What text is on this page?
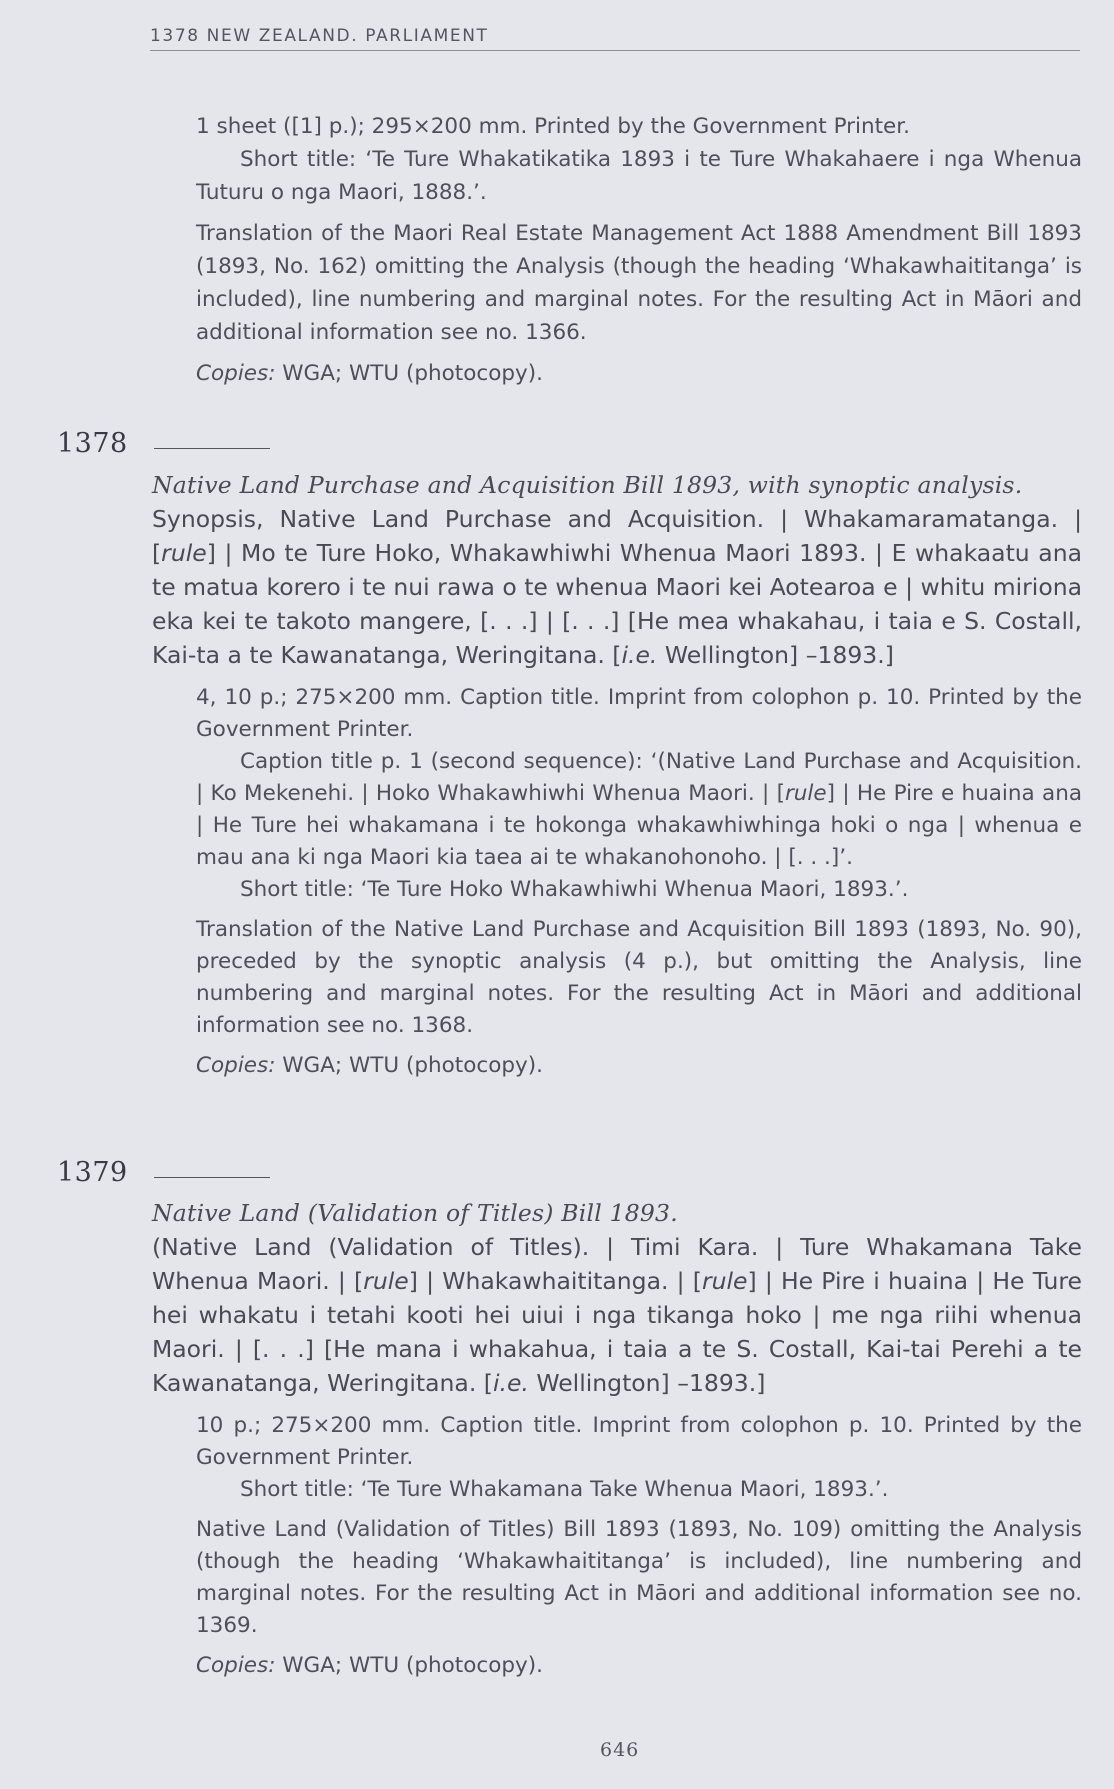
1378 NEW ZEALAND. PARLIAMENT

1 sheet ([1] p.); 295×200 mm. Printed by the Government Printer.

Short title: ‘Te Ture Whakatikatika 1893 i te Ture Whakahaere i nga Whenua Tuturu o nga Maori, 1888.’.

Translation of the Maori Real Estate Management Act 1888 Amendment Bill 1893 (1893, No. 162) omitting the Analysis (though the heading ‘Whakawhaititanga’ is included), line numbering and marginal notes. For the resulting Act in Māori and additional information see no. 1366.

Copies: WGA; WTU (photocopy).

1378

Native Land Purchase and Acquisition Bill 1893, with synoptic analysis.

Synopsis, Native Land Purchase and Acquisition. | Whakamaramatanga. | [rule] | Mo te Ture Hoko, Whakawhiwhi Whenua Maori 1893. | E whakaatu ana te matua korero i te nui rawa o te whenua Maori kei Aotearoa e | whitu miriona eka kei te takoto mangere, [. . .] | [. . .] [He mea whakahau, i taia e S. Costall, Kai-ta a te Kawanatanga, Weringitana. [i.e. Wellington] –1893.]

4, 10 p.; 275×200 mm. Caption title. Imprint from colophon p. 10. Printed by the Government Printer.

Caption title p. 1 (second sequence): ‘(Native Land Purchase and Acquisition. | Ko Mekenehi. | Hoko Whakawhiwhi Whenua Maori. | [rule] | He Pire e huaina ana | He Ture hei whakamana i te hokonga whakawhiwhinga hoki o nga | whenua e mau ana ki nga Maori kia taea ai te whakanohonoho. | [. . .]’.

Short title: ‘Te Ture Hoko Whakawhiwhi Whenua Maori, 1893.’.

Translation of the Native Land Purchase and Acquisition Bill 1893 (1893, No. 90), preceded by the synoptic analysis (4 p.), but omitting the Analysis, line numbering and marginal notes. For the resulting Act in Māori and additional information see no. 1368.

Copies: WGA; WTU (photocopy).

1379

Native Land (Validation of Titles) Bill 1893.

(Native Land (Validation of Titles). | Timi Kara. | Ture Whakamana Take Whenua Maori. | [rule] | Whakawhaititanga. | [rule] | He Pire i huaina | He Ture hei whakatu i tetahi kooti hei uiui i nga tikanga hoko | me nga riihi whenua Maori. | [. . .] [He mana i whakahua, i taia a te S. Costall, Kai-tai Perehi a te Kawanatanga, Weringitana. [i.e. Wellington] –1893.]

10 p.; 275×200 mm. Caption title. Imprint from colophon p. 10. Printed by the Government Printer.

Short title: ‘Te Ture Whakamana Take Whenua Maori, 1893.’.

Native Land (Validation of Titles) Bill 1893 (1893, No. 109) omitting the Analysis (though the heading ‘Whakawhaititanga’ is included), line numbering and marginal notes. For the resulting Act in Māori and additional information see no. 1369.

Copies: WGA; WTU (photocopy).

646
